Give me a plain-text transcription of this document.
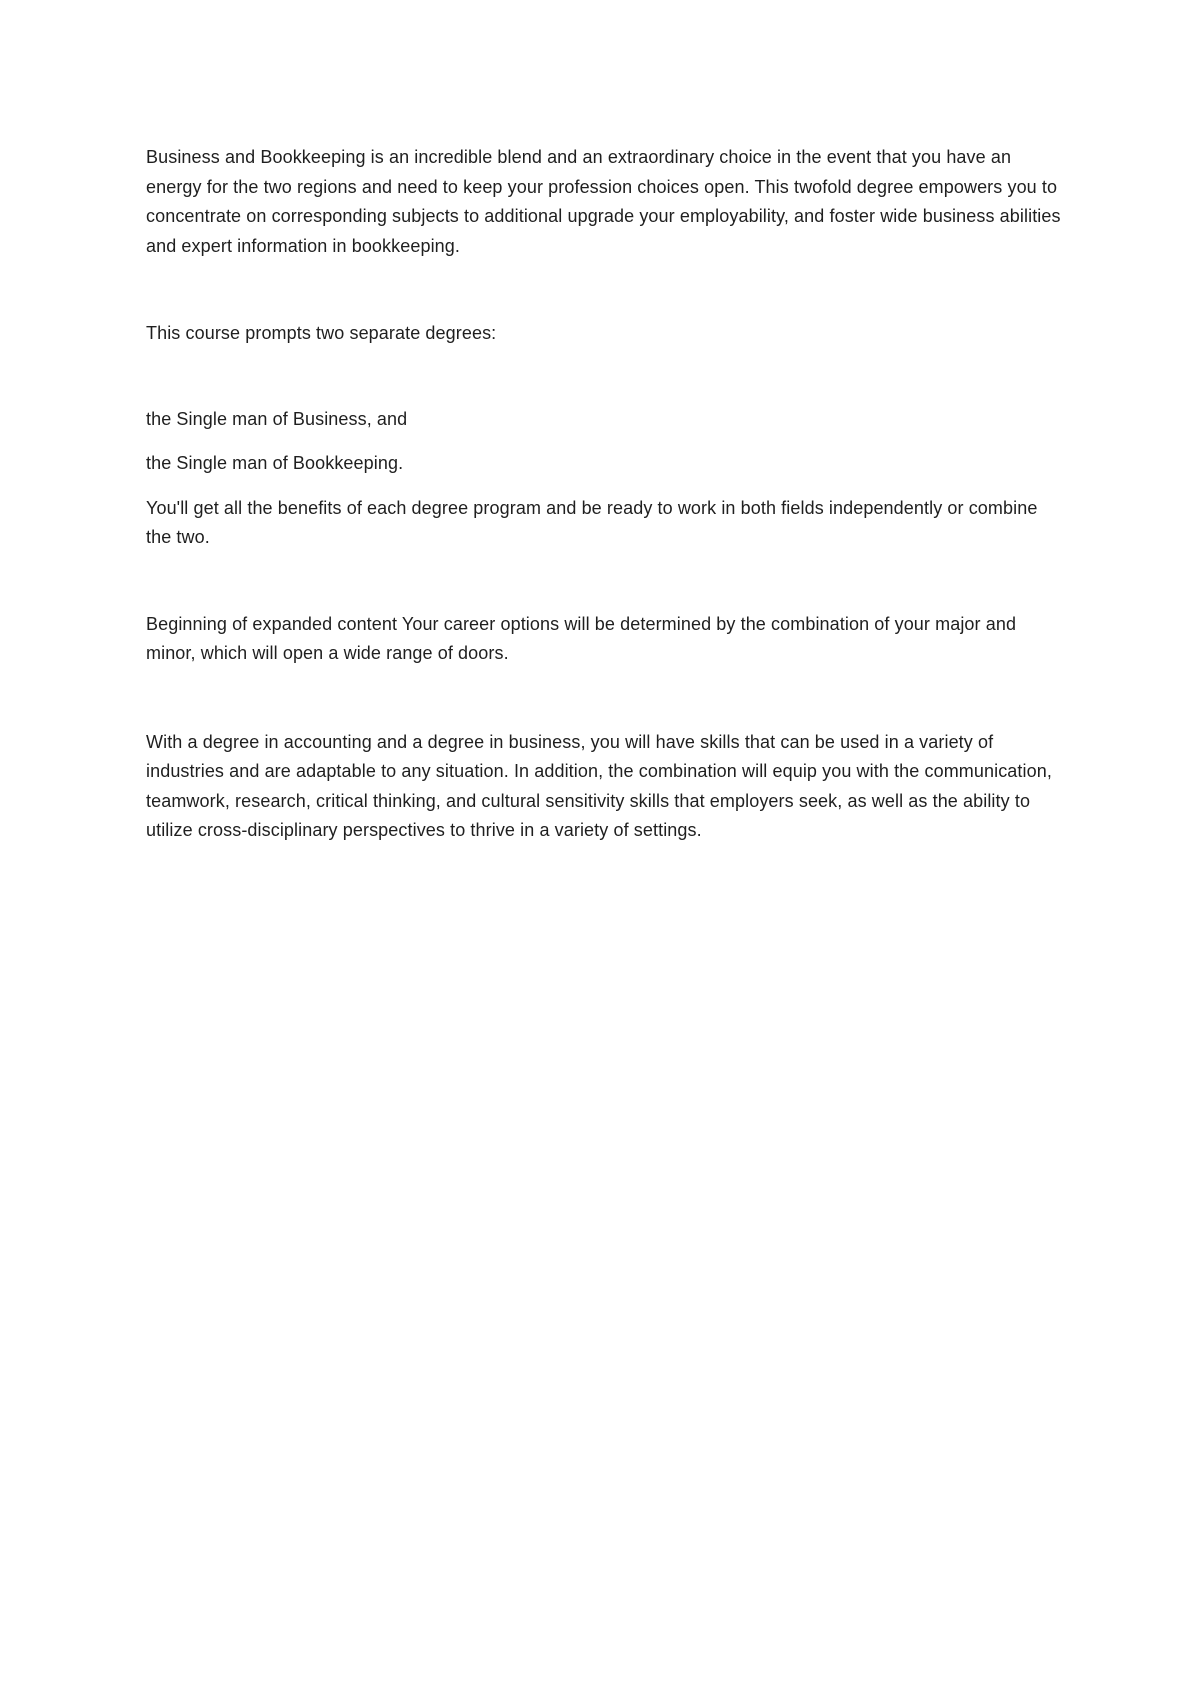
Business and Bookkeeping is an incredible blend and an extraordinary choice in the event that you have an energy for the two regions and need to keep your profession choices open. This twofold degree empowers you to concentrate on corresponding subjects to additional upgrade your employability, and foster wide business abilities and expert information in bookkeeping.

This course prompts two separate degrees:

the Single man of Business, and

the Single man of Bookkeeping.

You'll get all the benefits of each degree program and be ready to work in both fields independently or combine the two.

Beginning of expanded content Your career options will be determined by the combination of your major and minor, which will open a wide range of doors.

With a degree in accounting and a degree in business, you will have skills that can be used in a variety of industries and are adaptable to any situation. In addition, the combination will equip you with the communication, teamwork, research, critical thinking, and cultural sensitivity skills that employers seek, as well as the ability to utilize cross-disciplinary perspectives to thrive in a variety of settings.
